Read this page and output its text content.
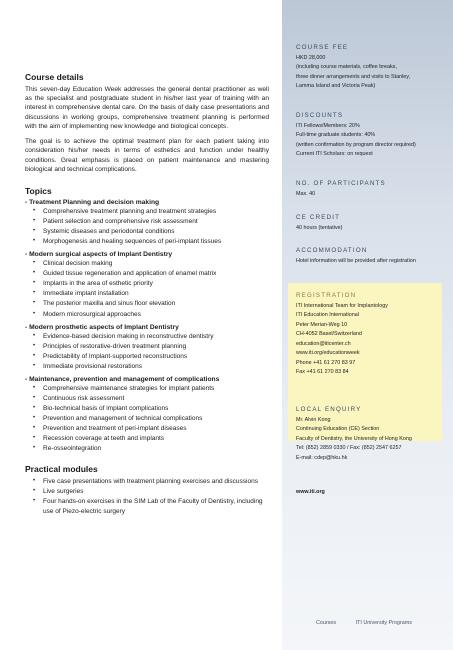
Course details

This seven-day Education Week addresses the general dental practitioner as well as the specialist and postgraduate student in his/her last year of training with an interest in comprehensive dental care. On the basis of daily case presentations and discussions in working groups, comprehensive treatment planning is performed with the aim of implementing new knowledge and biological concepts.

The goal is to achieve the optimal treatment plan for each patient taking into consideration his/her needs in terms of esthetics and function under healthy conditions. Great emphasis is placed on patient maintenance and mastering biological and technical complications.

Topics
- Treatment Planning and decision making
• Comprehensive treatment planning and treatment strategies
• Patient selection and comprehensive risk assessment
• Systemic diseases and periodontal conditions
• Morphogenesis and healing sequences of peri-implant tissues
- Modern surgical aspects of Implant Dentistry
• Clinical decision making
• Guided tissue regeneration and application of enamel matrix
• Implants in the area of esthetic priority
• Immediate implant installation
• The posterior maxilla and sinus floor elevation
• Modern microsurgical approaches
- Modern prosthetic aspects of Implant Dentistry
• Evidence-based decision making in reconstructive dentistry
• Principles of restorative-driven treatment planning
• Predictability of Implant-supported reconstructions
• Immediate provisional restorations
- Maintenance, prevention and management of complications
• Comprehensive maintenance strategies for implant patients
• Continuous risk assessment
• Bio-technical basis of implant complications
• Prevention and management of technical complications
• Prevention and treatment of peri-implant diseases
• Recession coverage at teeth and implants
• Re-osseointegration
Practical modules
• Five case presentations with treatment planning exercises and discussions
• Live surgeries
• Four hands-on exercises in the SIM Lab of the Faculty of Dentistry, including use of Piezo-electric surgery
COURSE FEE
HKD 28,000
(including course materials, coffee breaks,
three dinner arrangements and visits to Stanley,
Lamma Island and Victoria Peak)
DISCOUNTS
ITI Fellows/Members: 20%
Full-time graduate students: 40%
(written confirmation by program director required)
Current ITI Scholars: on request
NO. OF PARTICIPANTS
Max. 40
CE CREDIT
40 hours (tentative)
ACCOMMODATION
Hotel information will be provided after registration
REGISTRATION
ITI International Team for Implantology
ITI Education International
Peter Merian-Weg 10
CH-4052 Basel/Switzerland
education@iticenter.ch
www.iti.org/educationweek
Phone +41 61 270 83 97
Fax +41 61 270 83 84
LOCAL ENQUIRY
Mr. Alvin Kong
Continuing Education (CE) Section
Faculty of Dentistry, the University of Hong Kong
Tel: (852) 2859 0330 / Fax: (852) 2547 6257
E-mail: cdep@hku.hk
www.iti.org
Courses	ITI University Programs
